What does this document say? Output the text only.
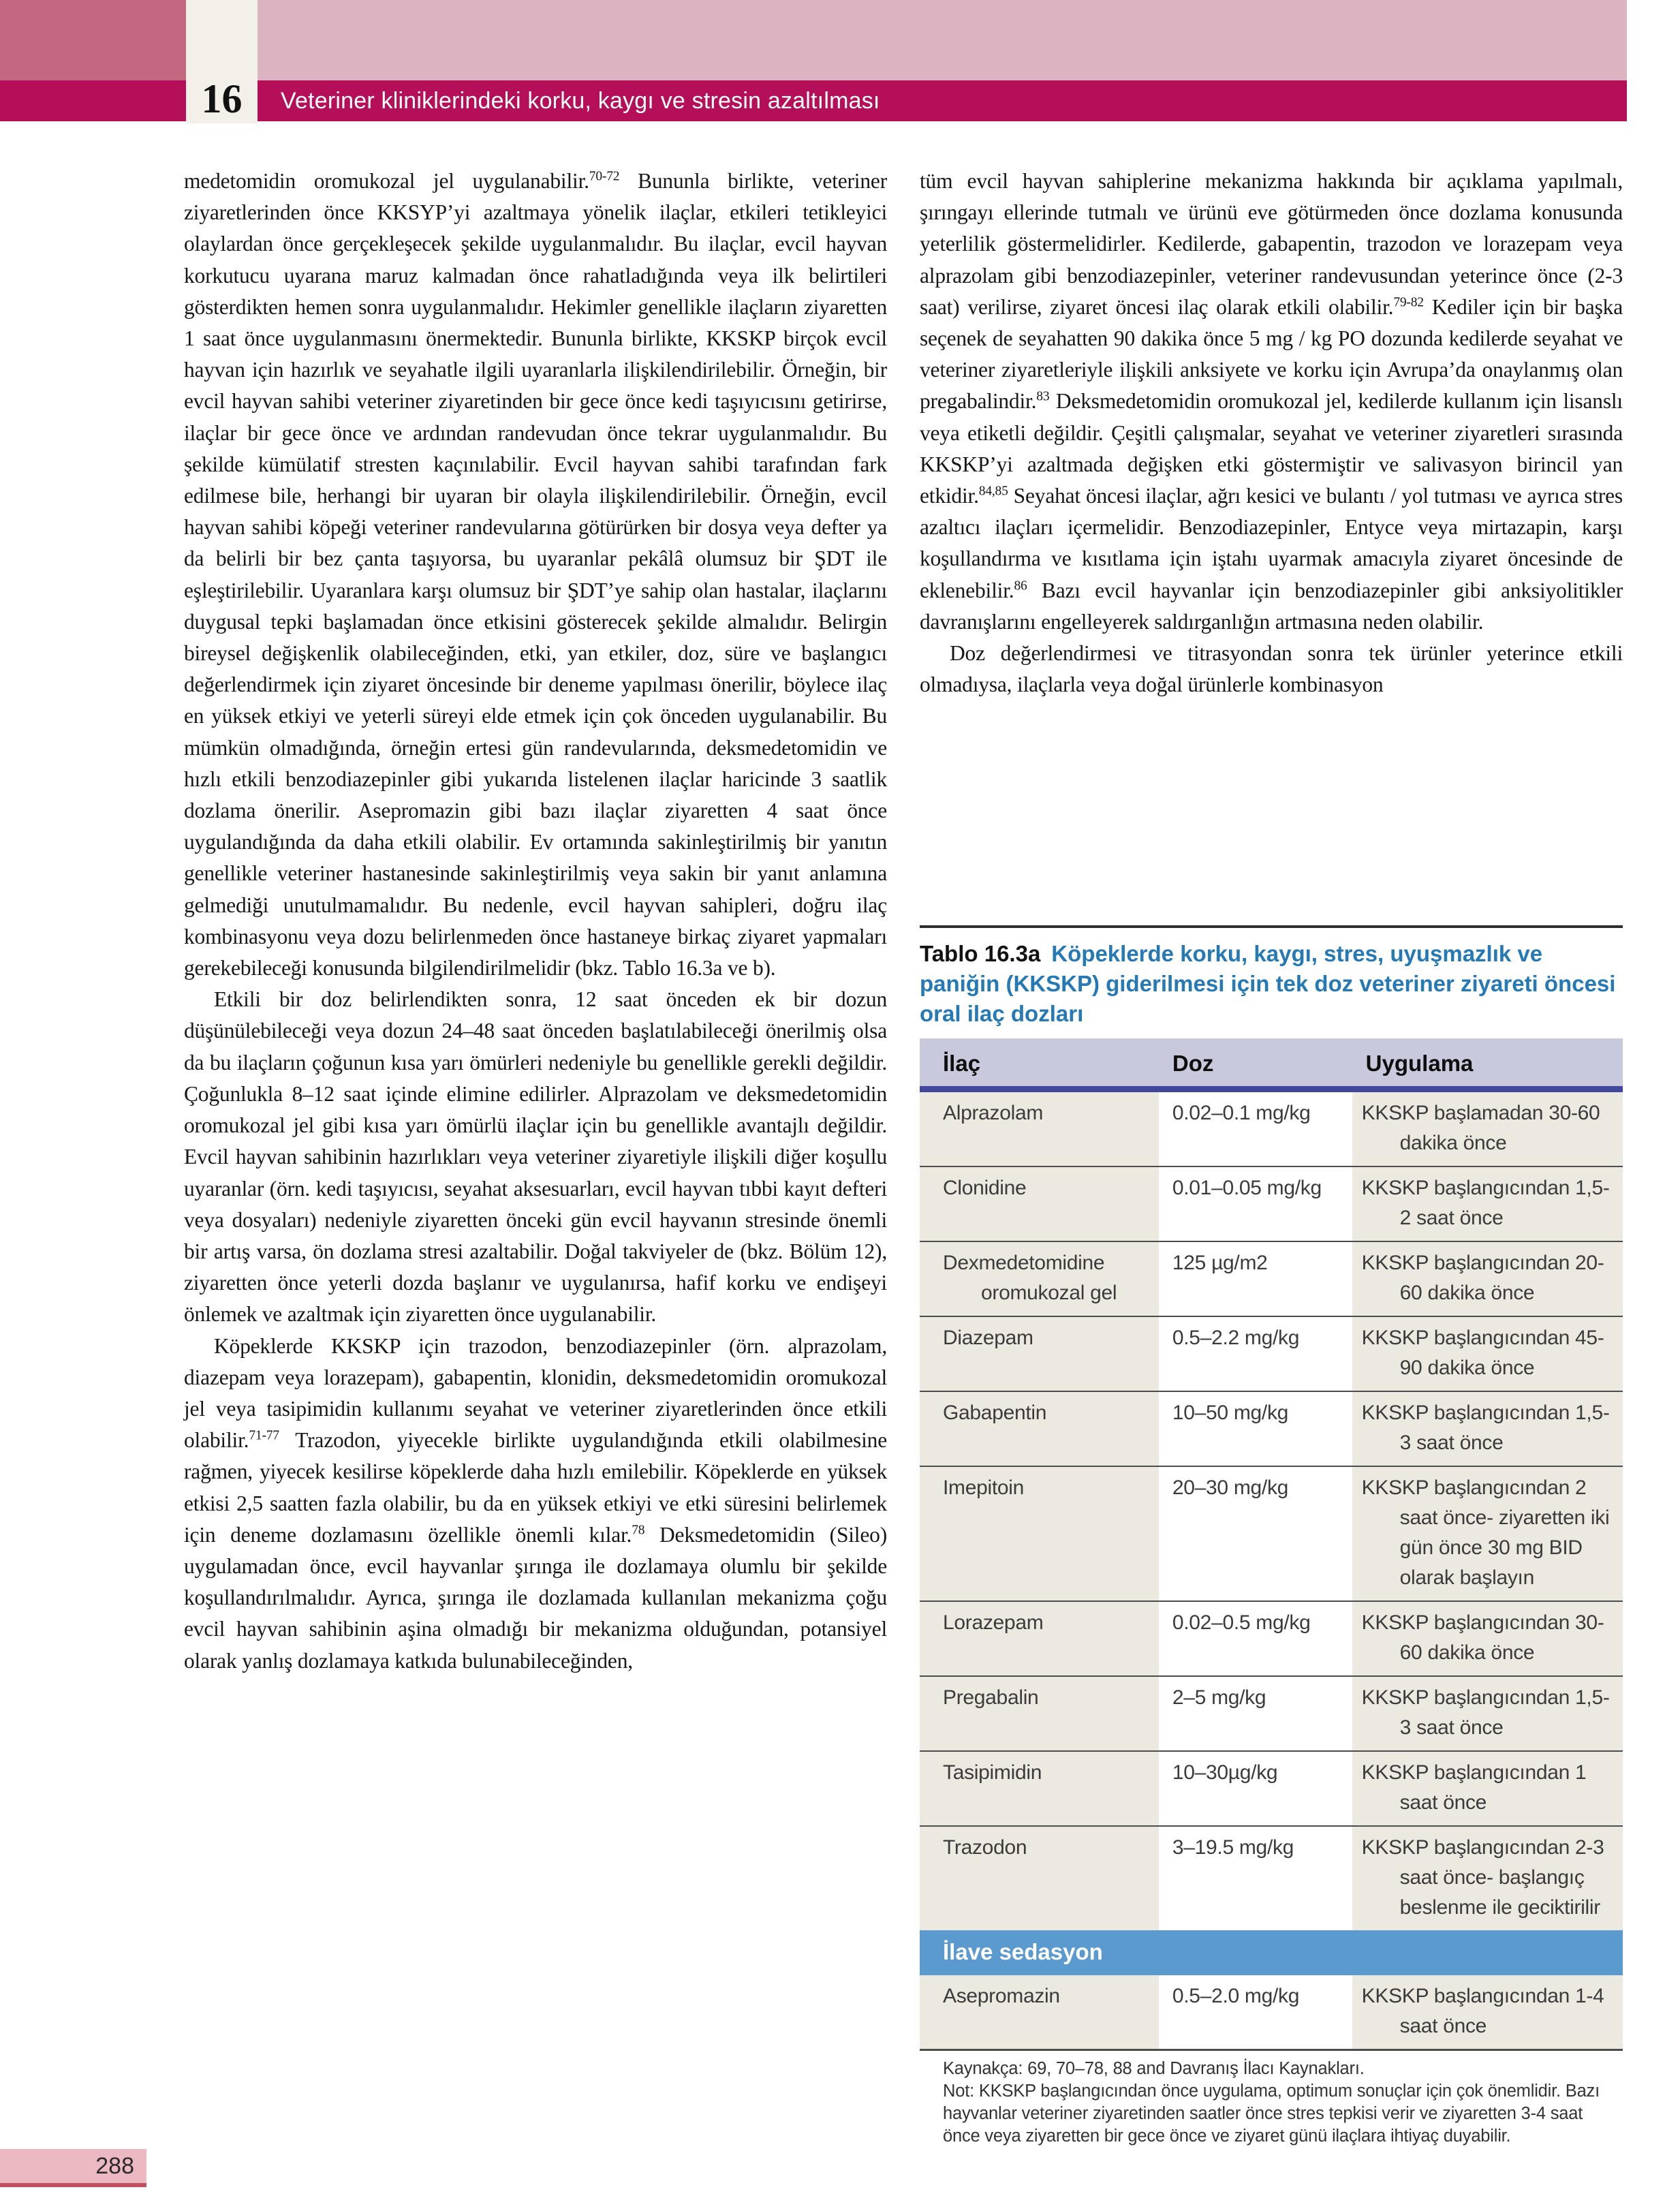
16 Veteriner kliniklerindeki korku, kaygı ve stresin azaltılması

medetomidin oromukozal jel uygulanabilir.$^{70-72}$ Bununla birlikte, veteriner ziyaretlerinden önce KKSYP’yi azaltmaya yönelik ilaçlar, etkileri tetikleyici olaylardan önce gerçekleşecek şekilde uygulanmalıdır. Bu ilaçlar, evcil hayvan korkutucu uyarana maruz kalmadan önce rahatladığında veya ilk belirtileri gösterdikten hemen sonra uygulanmalıdır. Hekimler genellikle ilaçların ziyaretten 1 saat önce uygulanmasını önermektedir. Bununla birlikte, KKSKP birçok evcil hayvan için hazırlık ve seyahatle ilgili uyaranlarla ilişkilendirilebilir. Örneğin, bir evcil hayvan sahibi veteriner ziyaretinden bir gece önce kedi taşıyıcısını getirirse, ilaçlar bir gece önce ve ardından randevudan önce tekrar uygulanmalıdır. Bu şekilde kümülatif stresten kaçınılabilir. Evcil hayvan sahibi tarafından fark edilmese bile, herhangi bir uyaran bir olayla ilişkilendirilebilir. Örneğin, evcil hayvan sahibi köpeği veteriner randevularına götürürken bir dosya veya defter ya da belirli bir bez çanta taşıyorsa, bu uyaranlar pekâlâ olumsuz bir ŞDT ile eşleştirilebilir. Uyaranlara karşı olumsuz bir ŞDT’ye sahip olan hastalar, ilaçlarını duygusal tepki başlamadan önce etkisini gösterecek şekilde almalıdır. Belirgin bireysel değişkenlik olabileceğinden, etki, yan etkiler, doz, süre ve başlangıcı değerlendirmek için ziyaret öncesinde bir deneme yapılması önerilir, böylece ilaç en yüksek etkiyi ve yeterli süreyi elde etmek için çok önceden uygulanabilir. Bu mümkün olmadığında, örneğin ertesi gün randevularında, deksmedetomidin ve hızlı etkili benzodiazepinler gibi yukarıda listelenen ilaçlar haricinde 3 saatlik dozlama önerilir. Asepromazin gibi bazı ilaçlar ziyaretten 4 saat önce uygulandığında da daha etkili olabilir. Ev ortamında sakinleştirilmiş bir yanıtın genellikle veteriner hastanesinde sakinleştirilmiş veya sakin bir yanıt anlamına gelmediği unutulmamalıdır. Bu nedenle, evcil hayvan sahipleri, doğru ilaç kombinasyonu veya dozu belirlenmeden önce hastaneye birkaç ziyaret yapmaları gerekebileceği konusunda bilgilendirilmelidir (bkz. Tablo 16.3a ve b).

Etkili bir doz belirlendikten sonra, 12 saat önceden ek bir dozun düşünülebileceği veya dozun 24–48 saat önceden başlatılabileceği önerilmiş olsa da bu ilaçların çoğunun kısa yarı ömürleri nedeniyle bu genellikle gerekli değildir. Çoğunlukla 8–12 saat içinde elimine edilirler. Alprazolam ve deksmedetomidin oromukozal jel gibi kısa yarı ömürlü ilaçlar için bu genellikle avantajlı değildir. Evcil hayvan sahibinin hazırlıkları veya veteriner ziyaretiyle ilişkili diğer koşullu uyaranlar (örn. kedi taşıyıcısı, seyahat aksesuarları, evcil hayvan tıbbi kayıt defteri veya dosyaları) nedeniyle ziyaretten önceki gün evcil hayvanın stresinde önemli bir artış varsa, ön dozlama stresi azaltabilir. Doğal takviyeler de (bkz. Bölüm 12), ziyaretten önce yeterli dozda başlanır ve uygulanırsa, hafif korku ve endişeyi önlemek ve azaltmak için ziyaretten önce uygulanabilir.

Köpeklerde KKSKP için trazodon, benzodiazepinler (örn. alprazolam, diazepam veya lorazepam), gabapentin, klonidin, deksmedetomidin oromukozal jel veya tasipimidin kullanımı seyahat ve veteriner ziyaretlerinden önce etkili olabilir.$^{71-77}$ Trazodon, yiyecekle birlikte uygulandığında etkili olabilmesine rağmen, yiyecek kesilirse köpeklerde daha hızlı emilebilir. Köpeklerde en yüksek etkisi 2,5 saatten fazla olabilir, bu da en yüksek etkiyi ve etki süresini belirlemek için deneme dozlamasını özellikle önemli kılar.$^{78}$ Deksmedetomidin (Sileo) uygulamadan önce, evcil hayvanlar şırınga ile dozlamaya olumlu bir şekilde koşullandırılmalıdır. Ayrıca, şırınga ile dozlamada kullanılan mekanizma çoğu evcil hayvan sahibinin aşina olmadığı bir mekanizma olduğundan, potansiyel olarak yanlış dozlamaya katkıda bulunabileceğinden,

tüm evcil hayvan sahiplerine mekanizma hakkında bir açıklama yapılmalı, şırıngayı ellerinde tutmalı ve ürünü eve götürmeden önce dozlama konusunda yeterlilik göstermelidirler. Kedilerde, gabapentin, trazodon ve lorazepam veya alprazolam gibi benzodiazepinler, veteriner randevusundan yeterince önce (2-3 saat) verilirse, ziyaret öncesi ilaç olarak etkili olabilir.$^{79-82}$ Kediler için bir başka seçenek de seyahatten 90 dakika önce 5 mg / kg PO dozunda kedilerde seyahat ve veteriner ziyaretleriyle ilişkili anksiyete ve korku için Avrupa’da onaylanmış olan pregabalindir.$^{83}$ Deksmedetomidin oromukozal jel, kedilerde kullanım için lisanslı veya etiketli değildir. Çeşitli çalışmalar, seyahat ve veteriner ziyaretleri sırasında KKSKP’yi azaltmada değişken etki göstermiştir ve salivasyon birincil yan etkidir.$^{84,85}$ Seyahat öncesi ilaçlar, ağrı kesici ve bulantı / yol tutması ve ayrıca stres azaltıcı ilaçları içermelidir. Benzodiazepinler, Entyce veya mirtazapin, karşı koşullandırma ve kısıtlama için iştahı uyarmak amacıyla ziyaret öncesinde de eklenebilir.$^{86}$ Bazı evcil hayvanlar için benzodiazepinler gibi anksiyolitikler davranışlarını engelleyerek saldırganlığın artmasına neden olabilir.

Doz değerlendirmesi ve titrasyondan sonra tek ürünler yeterince etkili olmadıysa, ilaçlarla veya doğal ürünlerle kombinasyon

Tablo 16.3a Köpeklerde korku, kaygı, stres, uyuşmazlık ve paniğin (KKSKP) giderilmesi için tek doz veteriner ziyareti öncesi oral ilaç dozları
İlaç	Doz	Uygulama

Alprazolam	0.02–0.1 mg/kg	KKSKP başlamadan 30-60 dakika önce

Clonidine	0.01–0.05 mg/kg	KKSKP başlangıcından 1,5-2 saat önce

Dexmedetomidine oromukozal gel	125 µg/m2	KKSKP başlangıcından 20-60 dakika önce

Diazepam	0.5–2.2 mg/kg	KKSKP başlangıcından 45-90 dakika önce

Gabapentin	10–50 mg/kg	KKSKP başlangıcından 1,5-3 saat önce

Imepitoin	20–30 mg/kg	KKSKP başlangıcından 2 saat önce- ziyaretten iki gün önce 30 mg BID olarak başlayın

Lorazepam	0.02–0.5 mg/kg	KKSKP başlangıcından 30-60 dakika önce

Pregabalin	2–5 mg/kg	KKSKP başlangıcından 1,5-3 saat önce

Tasipimidin	10–30µg/kg	KKSKP başlangıcından 1 saat önce

Trazodon	3–19.5 mg/kg	KKSKP başlangıcından 2-3 saat önce- başlangıç beslenme ile geciktirilir

İlave sedasyon		

Asepromazin	0.5–2.0 mg/kg	KKSKP başlangıcından 1-4 saat önce
Kaynakça: 69, 70–78, 88 and Davranış İlacı Kaynakları.
Not: KKSKP başlangıcından önce uygulama, optimum sonuçlar için çok önemlidir. Bazı hayvanlar veteriner ziyaretinden saatler önce stres tepkisi verir ve ziyaretten 3-4 saat önce veya ziyaretten bir gece önce ve ziyaret günü ilaçlara ihtiyaç duyabilir.
288
